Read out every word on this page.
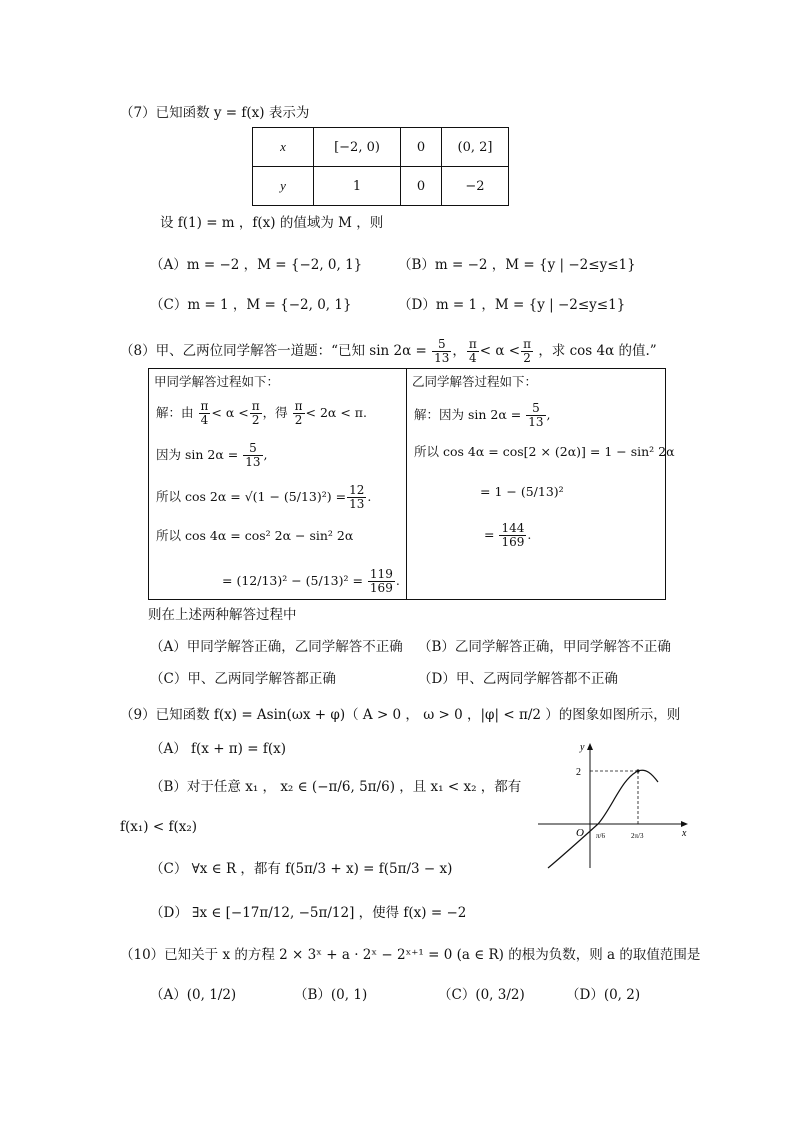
（7）已知函数 y = f(x) 表示为
x	[−2, 0)	0	(0, 2]
y	1	0	−2
设 f(1) = m ，f(x) 的值域为 M ，则
（A）m = −2 ，M = {−2, 0, 1}	（B）m = −2 ，M = {y | −2≤y≤1}
（C）m = 1 ，M = {−2, 0, 1}	（D）m = 1 ，M = {y | −2≤y≤1}
（8）甲、乙两位同学解答一道题：“已知 $\sin 2\alpha = \frac{5}{13}$ ， $\frac{\pi}{4} < \alpha < \frac{\pi}{2}$ ，求 cos 4α 的值.”
甲同学解答过程如下：
解：由 $\frac{\pi}{4} < \alpha < \frac{\pi}{2}$ ，得 $\frac{\pi}{2} < 2\alpha < \pi$.
因为 $\sin 2\alpha = \frac{5}{13}$ ,
所以 $\cos 2\alpha = √(1 - (5/13)^2) = \frac{12}{13}$ .
所以 cos 4α = cos² 2α − sin² 2α
= $(12/13)^2 - (5/13)^2 = \frac{119}{169}$ .
乙同学解答过程如下：
解：因为 $\sin 2\alpha = \frac{5}{13}$ ,
所以 cos 4α = cos[2 × (2α)] = 1 − sin² 2α
= 1 − (5/13)²
= $\frac{144}{169}$ .
则在上述两种解答过程中
（A）甲同学解答正确，乙同学解答不正确 （B）乙同学解答正确，甲同学解答不正确
（C）甲、乙两同学解答都正确	（D）甲、乙两同学解答都不正确
（9）已知函数 f(x) = Asin(ωx + φ)（ A > 0 ， ω > 0 ，|φ| < π/2 ）的图象如图所示，则
（A） f(x + π) = f(x)
（B）对于任意 x₁ ， x₂ ∈ (−π/6, 5π/6) ，且 x₁ < x₂ ，都有
f(x₁) < f(x₂)
（C） ∀x ∈ R ，都有 f(5π/3 + x) = f(5π/3 − x)
（D） ∃x ∈ [−17π/12, −5π/12] ，使得 f(x) = −2
y
x
O
2
π/6	2π/3
（10）已知关于 x 的方程 2 × 3ˣ + a · 2ˣ − 2ˣ⁺¹ = 0 (a ∈ R) 的根为负数，则 a 的取值范围是
（A）(0, 1/2)	（B）(0, 1)	（C）(0, 3/2)	（D）(0, 2)
